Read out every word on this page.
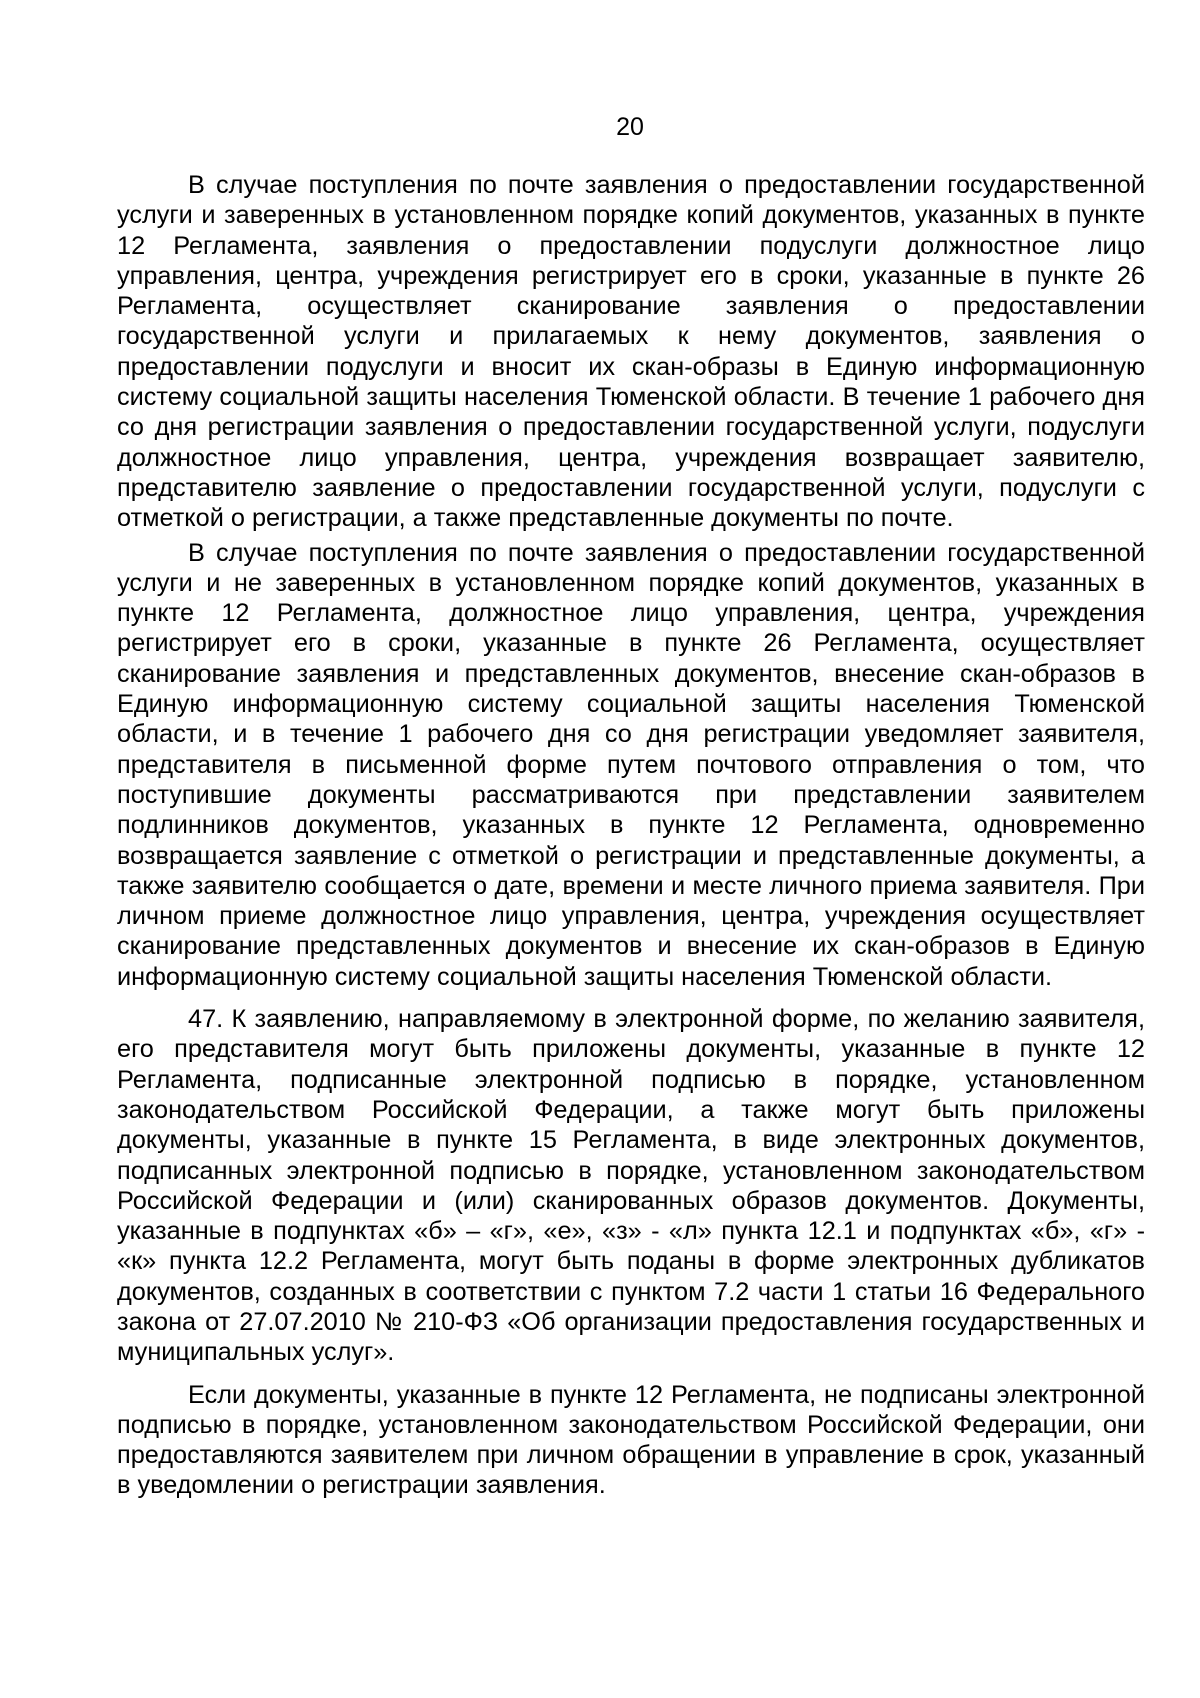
20

В случае поступления по почте заявления о предоставлении государственной услуги и заверенных в установленном порядке копий документов, указанных в пункте 12 Регламента, заявления о предоставлении подуслуги должностное лицо управления, центра, учреждения регистрирует его в сроки, указанные в пункте 26 Регламента, осуществляет сканирование заявления о предоставлении государственной услуги и прилагаемых к нему документов, заявления о предоставлении подуслуги и вносит их скан-образы в Единую информационную систему социальной защиты населения Тюменской области. В течение 1 рабочего дня со дня регистрации заявления о предоставлении государственной услуги, подуслуги должностное лицо управления, центра, учреждения возвращает заявителю, представителю заявление о предоставлении государственной услуги, подуслуги с отметкой о регистрации, а также представленные документы по почте.

В случае поступления по почте заявления о предоставлении государственной услуги и не заверенных в установленном порядке копий документов, указанных в пункте 12 Регламента, должностное лицо управления, центра, учреждения регистрирует его в сроки, указанные в пункте 26 Регламента, осуществляет сканирование заявления и представленных документов, внесение скан-образов в Единую информационную систему социальной защиты населения Тюменской области, и в течение 1 рабочего дня со дня регистрации уведомляет заявителя, представителя в письменной форме путем почтового отправления о том, что поступившие документы рассматриваются при представлении заявителем подлинников документов, указанных в пункте 12 Регламента, одновременно возвращается заявление с отметкой о регистрации и представленные документы, а также заявителю сообщается о дате, времени и месте личного приема заявителя. При личном приеме должностное лицо управления, центра, учреждения осуществляет сканирование представленных документов и внесение их скан-образов в Единую информационную систему социальной защиты населения Тюменской области.

47. К заявлению, направляемому в электронной форме, по желанию заявителя, его представителя могут быть приложены документы, указанные в пункте 12 Регламента, подписанные электронной подписью в порядке, установленном законодательством Российской Федерации, а также могут быть приложены документы, указанные в пункте 15 Регламента, в виде электронных документов, подписанных электронной подписью в порядке, установленном законодательством Российской Федерации и (или) сканированных образов документов. Документы, указанные в подпунктах «б» – «г», «е», «з» - «л» пункта 12.1 и подпунктах «б», «г» - «к» пункта 12.2 Регламента, могут быть поданы в форме электронных дубликатов документов, созданных в соответствии с пунктом 7.2 части 1 статьи 16 Федерального закона от 27.07.2010 № 210-ФЗ «Об организации предоставления государственных и муниципальных услуг».

Если документы, указанные в пункте 12 Регламента, не подписаны электронной подписью в порядке, установленном законодательством Российской Федерации, они предоставляются заявителем при личном обращении в управление в срок, указанный в уведомлении о регистрации заявления.
